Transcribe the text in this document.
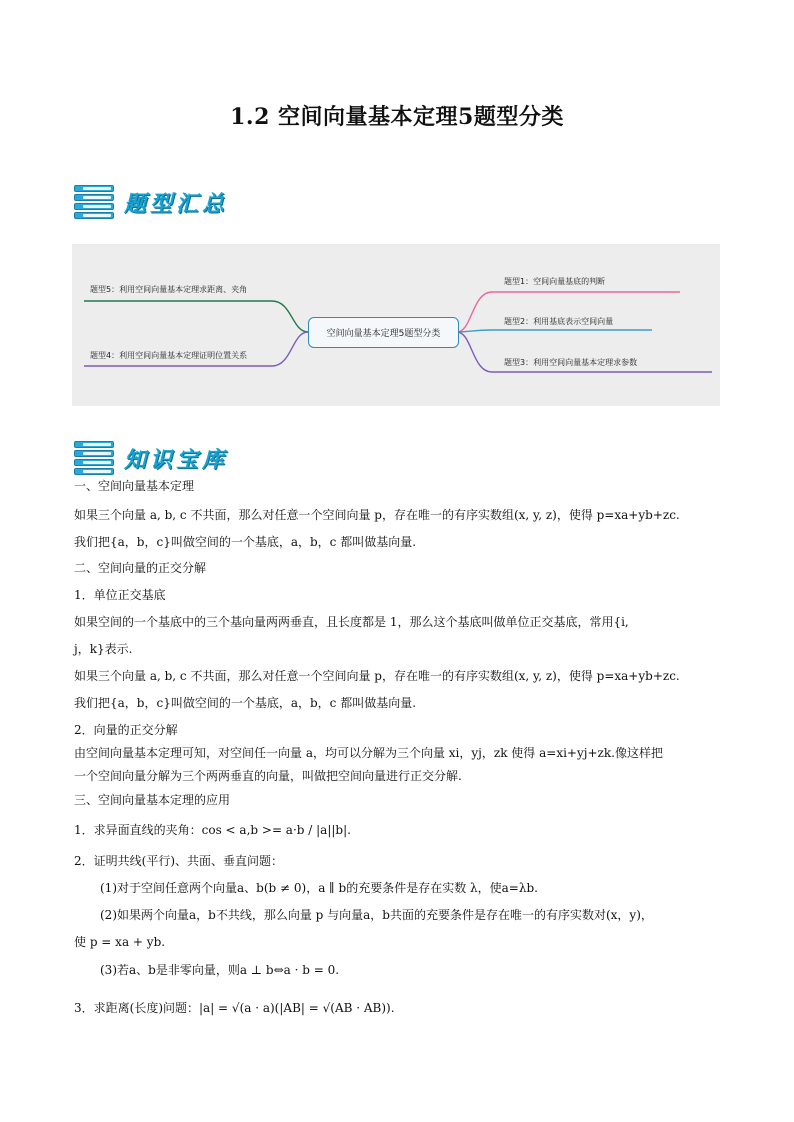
1.2 空间向量基本定理5题型分类
题型汇总
空间向量基本定理5题型分类
题型5：利用空间向量基本定理求距离、夹角
题型4：利用空间向量基本定理证明位置关系
题型1：空间向量基底的判断
题型2：利用基底表示空间向量
题型3：利用空间向量基本定理求参数
知识宝库
一、空间向量基本定理
如果三个向量 a, b, c 不共面，那么对任意一个空间向量 p，存在唯一的有序实数组(x, y, z)，使得 p=xa+yb+zc.
我们把{a，b，c}叫做空间的一个基底，a，b，c 都叫做基向量.
二、空间向量的正交分解
1．单位正交基底
如果空间的一个基底中的三个基向量两两垂直，且长度都是 1，那么这个基底叫做单位正交基底，常用{i,
j，k}表示.
如果三个向量 a, b, c 不共面，那么对任意一个空间向量 p，存在唯一的有序实数组(x, y, z)，使得 p=xa+yb+zc.
我们把{a，b，c}叫做空间的一个基底，a，b，c 都叫做基向量.
2．向量的正交分解
由空间向量基本定理可知，对空间任一向量 a，均可以分解为三个向量 xi，yj，zk 使得 a=xi+yj+zk.像这样把
一个空间向量分解为三个两两垂直的向量，叫做把空间向量进行正交分解.
三、空间向量基本定理的应用
1．求异面直线的夹角：cos < a,b >= a·b / |a||b|.
2．证明共线(平行)、共面、垂直问题：
(1)对于空间任意两个向量a、b(b ≠ 0)，a ∥ b的充要条件是存在实数 λ，使a=λb.
(2)如果两个向量a，b不共线，那么向量 p 与向量a，b共面的充要条件是存在唯一的有序实数对(x，y)，
使 p = xa + yb.
(3)若a、b是非零向量，则a ⊥ b⇔a · b = 0.
3．求距离(长度)问题：|a| = √(a · a)(|AB| = √(AB · AB)).
